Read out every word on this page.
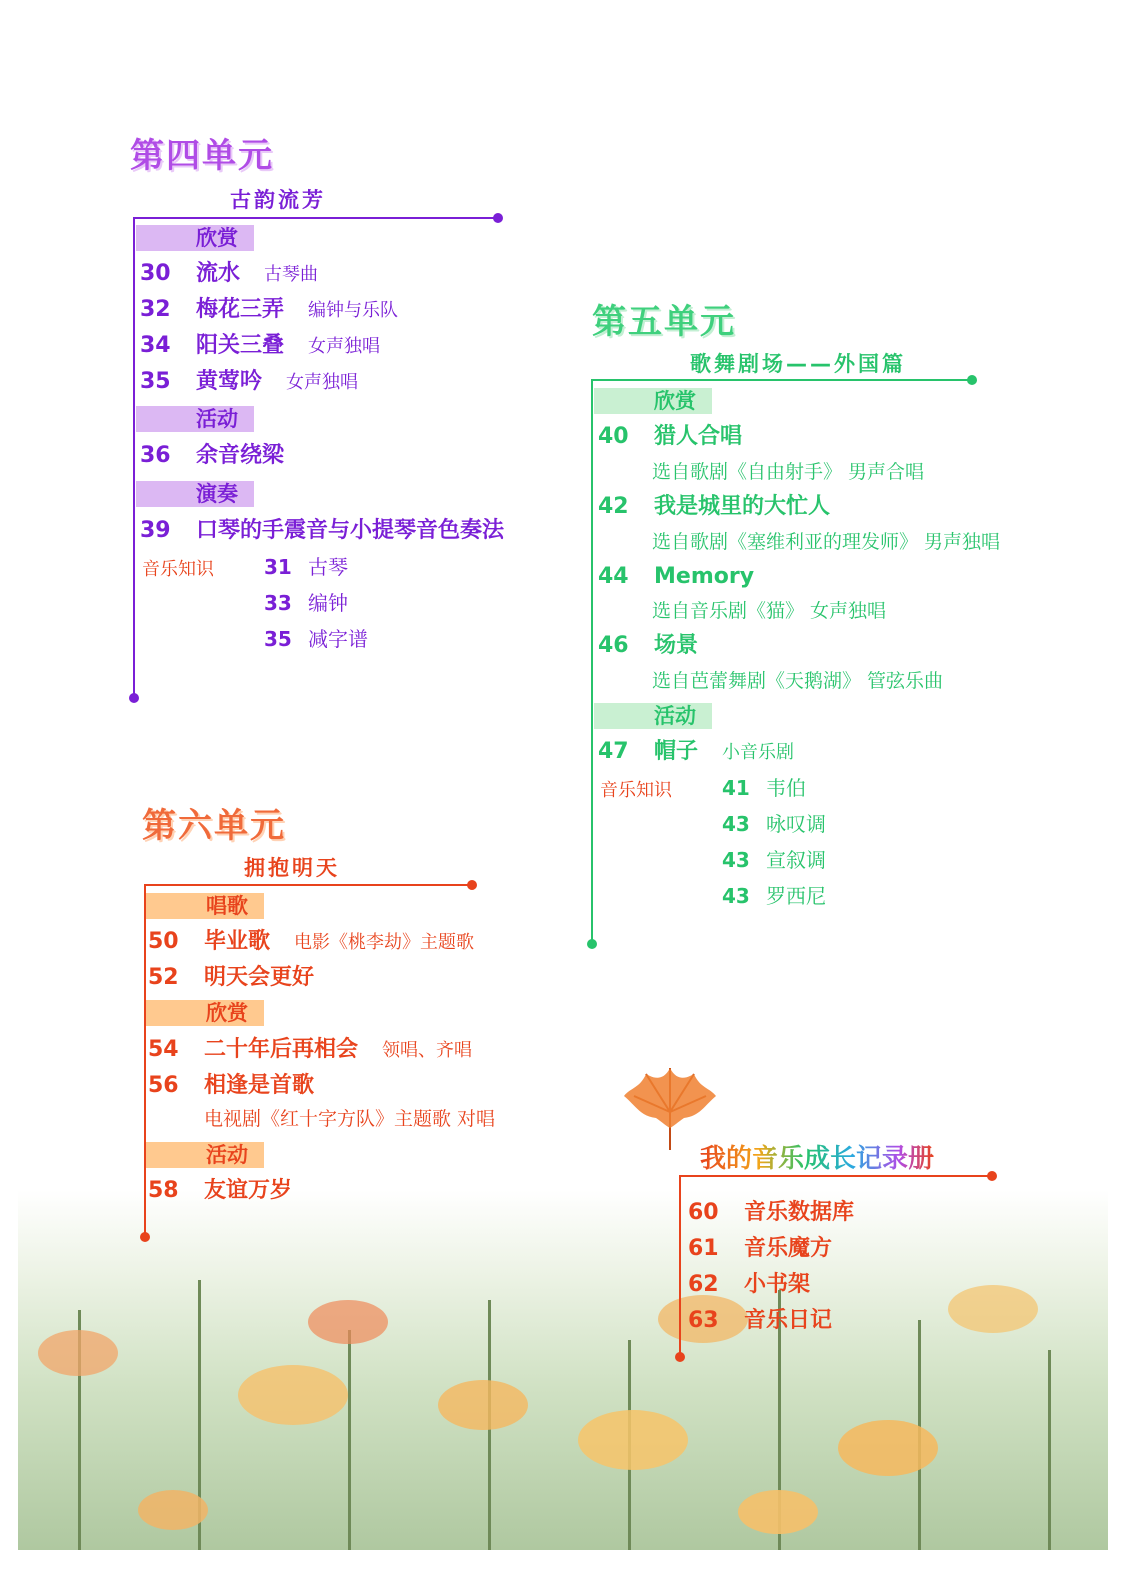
第四单元
古韵流芳
欣赏
30 流水 古琴曲
32 梅花三弄 编钟与乐队
34 阳关三叠 女声独唱
35 黄莺吟 女声独唱
活动
36 余音绕梁
演奏
39 口琴的手震音与小提琴音色奏法
音乐知识	31 古琴
33 编钟
35 减字谱
第五单元
歌舞剧场——外国篇
欣赏
40 猎人合唱
选自歌剧《自由射手》 男声合唱
42 我是城里的大忙人
选自歌剧《塞维利亚的理发师》 男声独唱
44 Memory
选自音乐剧《猫》 女声独唱
46 场景
选自芭蕾舞剧《天鹅湖》 管弦乐曲
活动
47 帽子 小音乐剧
音乐知识	41 韦伯
43 咏叹调
43 宣叙调
43 罗西尼
第六单元
拥抱明天
唱歌
50 毕业歌 电影《桃李劫》主题歌
52 明天会更好
欣赏
54 二十年后再相会 领唱、齐唱
56 相逢是首歌
电视剧《红十字方队》主题歌 对唱
活动
58 友谊万岁
我的音乐成长记录册
60 音乐数据库
61 音乐魔方
62 小书架
63 音乐日记
